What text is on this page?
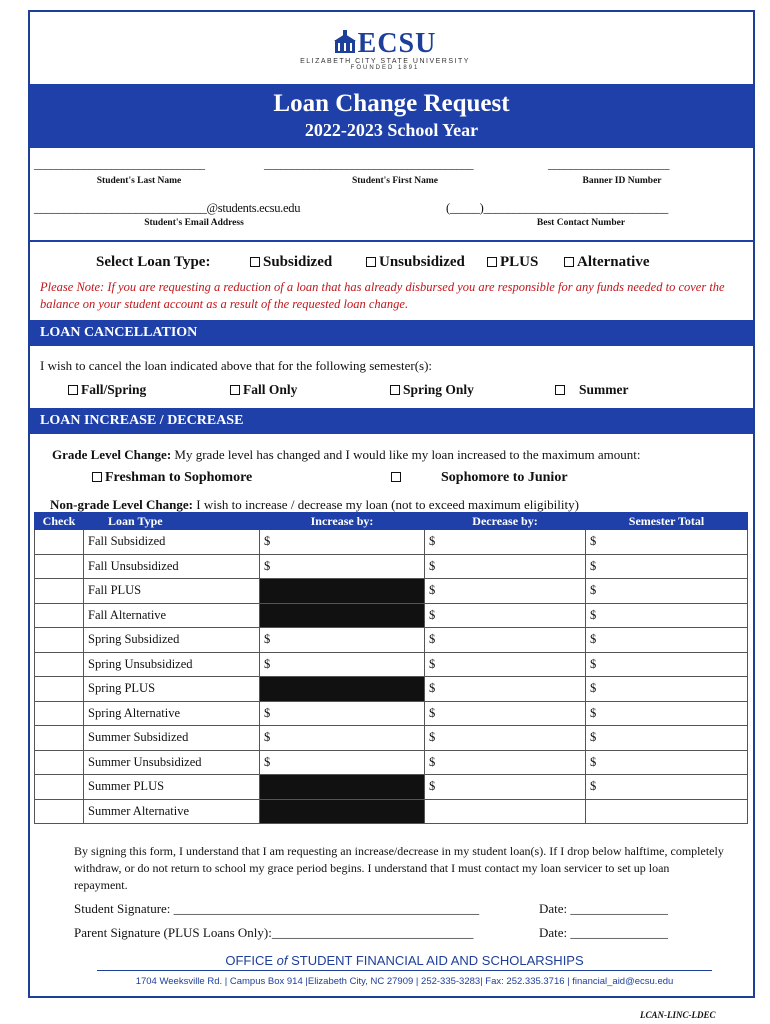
ECSU
ELIZABETH CITY STATE UNIVERSITY
FOUNDED 1891
Loan Change Request
2022-2023 School Year
_______________________________
Student's Last Name
______________________________________
Student's First Name
______________________
Banner ID Number
_____________________________@students.ecsu.edu
Student's Email Address
(_____)_______________________________
Best Contact Number
Select Loan Type:	Subsidized	Unsubsidized	PLUS	Alternative
Please Note: If you are requesting a reduction of a loan that has already disbursed you are responsible for any funds needed to cover the balance on your student account as a result of the requested loan change.
LOAN CANCELLATION
I wish to cancel the loan indicated above that for the following semester(s):
Fall/Spring	Fall Only	Spring Only	Summer
LOAN INCREASE / DECREASE
Grade Level Change: My grade level has changed and I would like my loan increased to the maximum amount:
Freshman to Sophomore	Sophomore to Junior
Non-grade Level Change: I wish to increase / decrease my loan (not to exceed maximum eligibility)
Check	Loan Type	Increase by:	Decrease by:	Semester Total
	Fall Subsidized	$	$	$
	Fall Unsubsidized	$	$	$
	Fall PLUS		$	$
	Fall Alternative		$	$
	Spring Subsidized	$	$	$
	Spring Unsubsidized	$	$	$
	Spring PLUS		$	$
	Spring Alternative	$	$	$
	Summer Subsidized	$	$	$
	Summer Unsubsidized	$	$	$
	Summer PLUS		$	$
	Summer Alternative			
By signing this form, I understand that I am requesting an increase/decrease in my student loan(s). If I drop below halftime, completely withdraw, or do not return to school my grace period begins. I understand that I must contact my loan servicer to set up loan repayment.
Student Signature: _______________________________________________	Date: _______________
Parent Signature (PLUS Loans Only):_______________________________	Date: _______________
OFFICE of STUDENT FINANCIAL AID AND SCHOLARSHIPS
1704 Weeksville Rd. | Campus Box 914 |Elizabeth City, NC 27909 | 252-335-3283| Fax: 252.335.3716 | financial_aid@ecsu.edu
LCAN-LINC-LDEC
